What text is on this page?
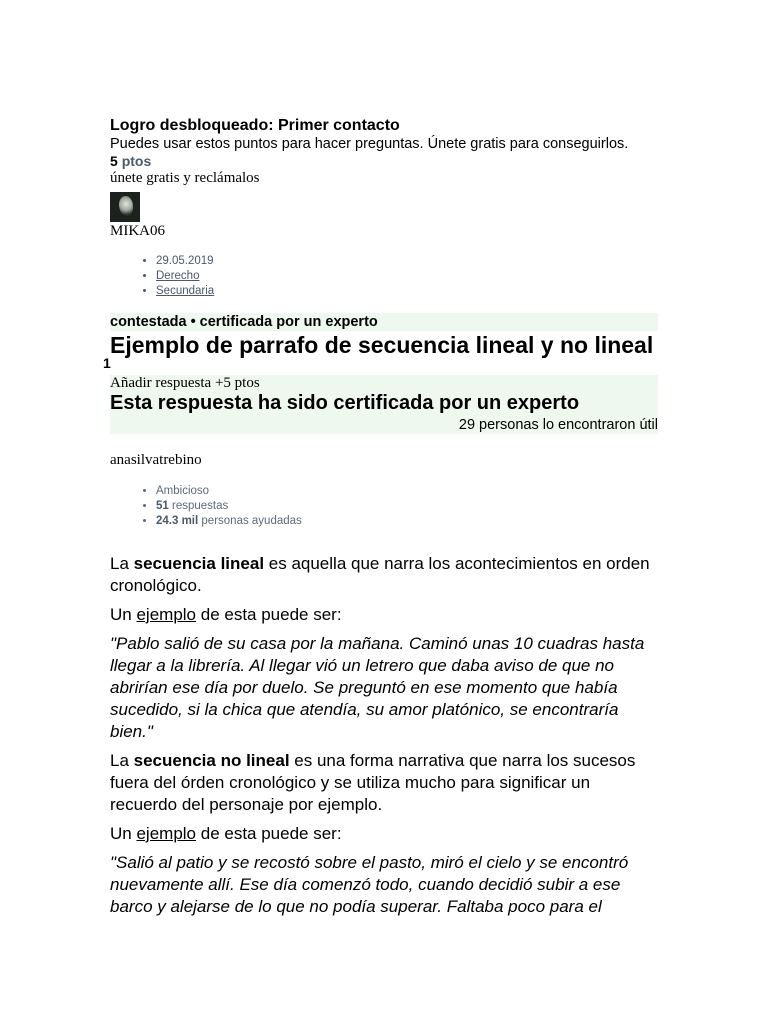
Logro desbloqueado: Primer contacto

Puedes usar estos puntos para hacer preguntas. Únete gratis para conseguirlos.

5 ptos

únete gratis y reclámalos

MIKA06

• 29.05.2019
• Derecho
• Secundaria
contestada • certificada por un experto
Ejemplo de parrafo de secuencia lineal y no lineal
Añadir respuesta +5 ptos
Esta respuesta ha sido certificada por un experto

29 personas lo encontraron útil

anasilvatrebino

• Ambicioso
• 51 respuestas
• 24.3 mil personas ayudadas

La secuencia lineal es aquella que narra los acontecimientos en orden cronológico.

Un ejemplo de esta puede ser:

"Pablo salió de su casa por la mañana. Caminó unas 10 cuadras hasta llegar a la librería. Al llegar vió un letrero que daba aviso de que no abrirían ese día por duelo. Se preguntó en ese momento que había sucedido, si la chica que atendía, su amor platónico, se encontraría bien."

La secuencia no lineal es una forma narrativa que narra los sucesos fuera del órden cronológico y se utiliza mucho para significar un recuerdo del personaje por ejemplo.

Un ejemplo de esta puede ser:

"Salió al patio y se recostó sobre el pasto, miró el cielo y se encontró nuevamente allí. Ese día comenzó todo, cuando decidió subir a ese barco y alejarse de lo que no podía superar. Faltaba poco para el

1
